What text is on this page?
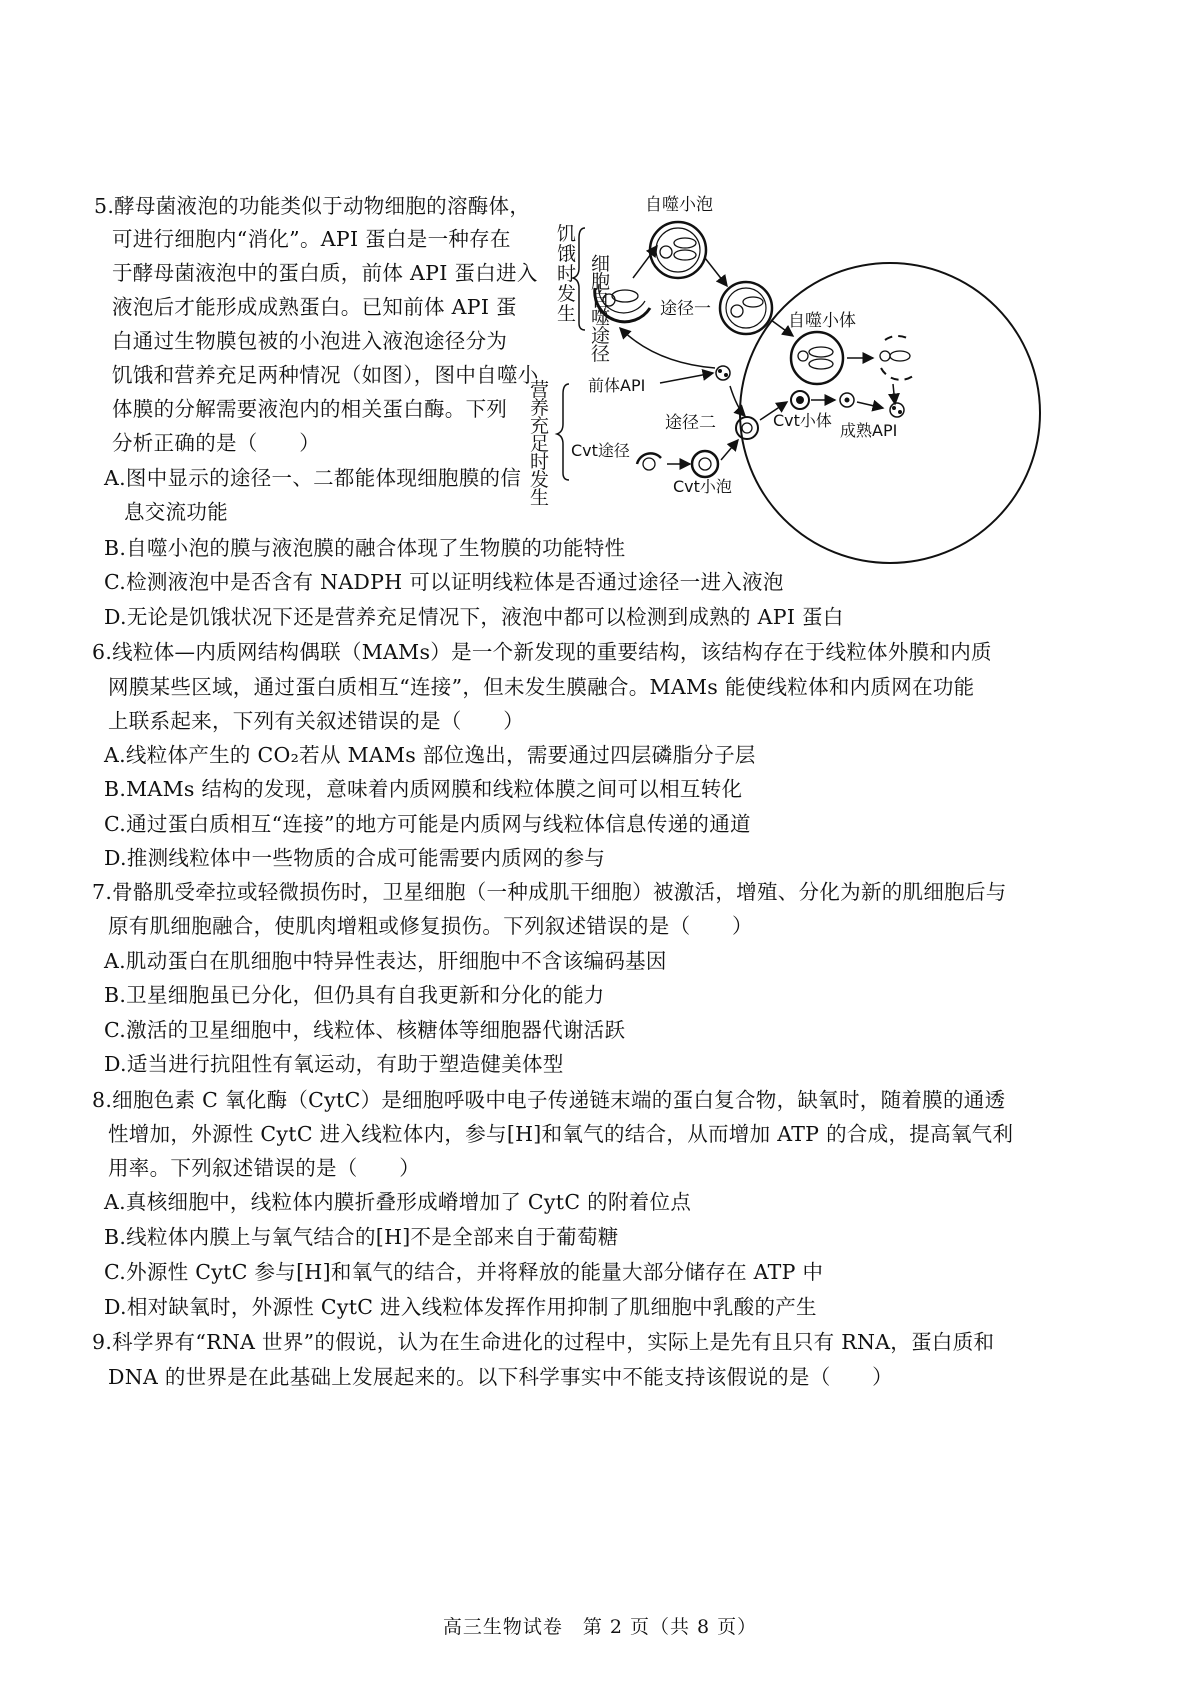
5.酵母菌液泡的功能类似于动物细胞的溶酶体，
可进行细胞内“消化”。API 蛋白是一种存在
于酵母菌液泡中的蛋白质，前体 API 蛋白进入
液泡后才能形成成熟蛋白。已知前体 API 蛋
白通过生物膜包被的小泡进入液泡途径分为
饥饿和营养充足两种情况（如图），图中自噬小
体膜的分解需要液泡内的相关蛋白酶。下列
分析正确的是（　　）
A.图中显示的途径一、二都能体现细胞膜的信
息交流功能
自噬小泡
饥
饿
时
发
生
细
胞
自
噬
途
径
途径一
自噬小体
前体API
营
养
充
足
时
发
生
途径二	Cvt小体
成熟API
Cvt途径
Cvt小泡
B.自噬小泡的膜与液泡膜的融合体现了生物膜的功能特性
C.检测液泡中是否含有 NADPH 可以证明线粒体是否通过途径一进入液泡
D.无论是饥饿状况下还是营养充足情况下，液泡中都可以检测到成熟的 API 蛋白
6.线粒体—内质网结构偶联（MAMs）是一个新发现的重要结构，该结构存在于线粒体外膜和内质
网膜某些区域，通过蛋白质相互“连接”，但未发生膜融合。MAMs 能使线粒体和内质网在功能
上联系起来，下列有关叙述错误的是（　　）
A.线粒体产生的 CO₂若从 MAMs 部位逸出，需要通过四层磷脂分子层
B.MAMs 结构的发现，意味着内质网膜和线粒体膜之间可以相互转化
C.通过蛋白质相互“连接”的地方可能是内质网与线粒体信息传递的通道
D.推测线粒体中一些物质的合成可能需要内质网的参与
7.骨骼肌受牵拉或轻微损伤时，卫星细胞（一种成肌干细胞）被激活，增殖、分化为新的肌细胞后与
原有肌细胞融合，使肌肉增粗或修复损伤。下列叙述错误的是（　　）
A.肌动蛋白在肌细胞中特异性表达，肝细胞中不含该编码基因
B.卫星细胞虽已分化，但仍具有自我更新和分化的能力
C.激活的卫星细胞中，线粒体、核糖体等细胞器代谢活跃
D.适当进行抗阻性有氧运动，有助于塑造健美体型
8.细胞色素 C 氧化酶（CytC）是细胞呼吸中电子传递链末端的蛋白复合物，缺氧时，随着膜的通透
性增加，外源性 CytC 进入线粒体内，参与[H]和氧气的结合，从而增加 ATP 的合成，提高氧气利
用率。下列叙述错误的是（　　）
A.真核细胞中，线粒体内膜折叠形成嵴增加了 CytC 的附着位点
B.线粒体内膜上与氧气结合的[H]不是全部来自于葡萄糖
C.外源性 CytC 参与[H]和氧气的结合，并将释放的能量大部分储存在 ATP 中
D.相对缺氧时，外源性 CytC 进入线粒体发挥作用抑制了肌细胞中乳酸的产生
9.科学界有“RNA 世界”的假说，认为在生命进化的过程中，实际上是先有且只有 RNA，蛋白质和
DNA 的世界是在此基础上发展起来的。以下科学事实中不能支持该假说的是（　　）
高三生物试卷　第 2 页（共 8 页）
